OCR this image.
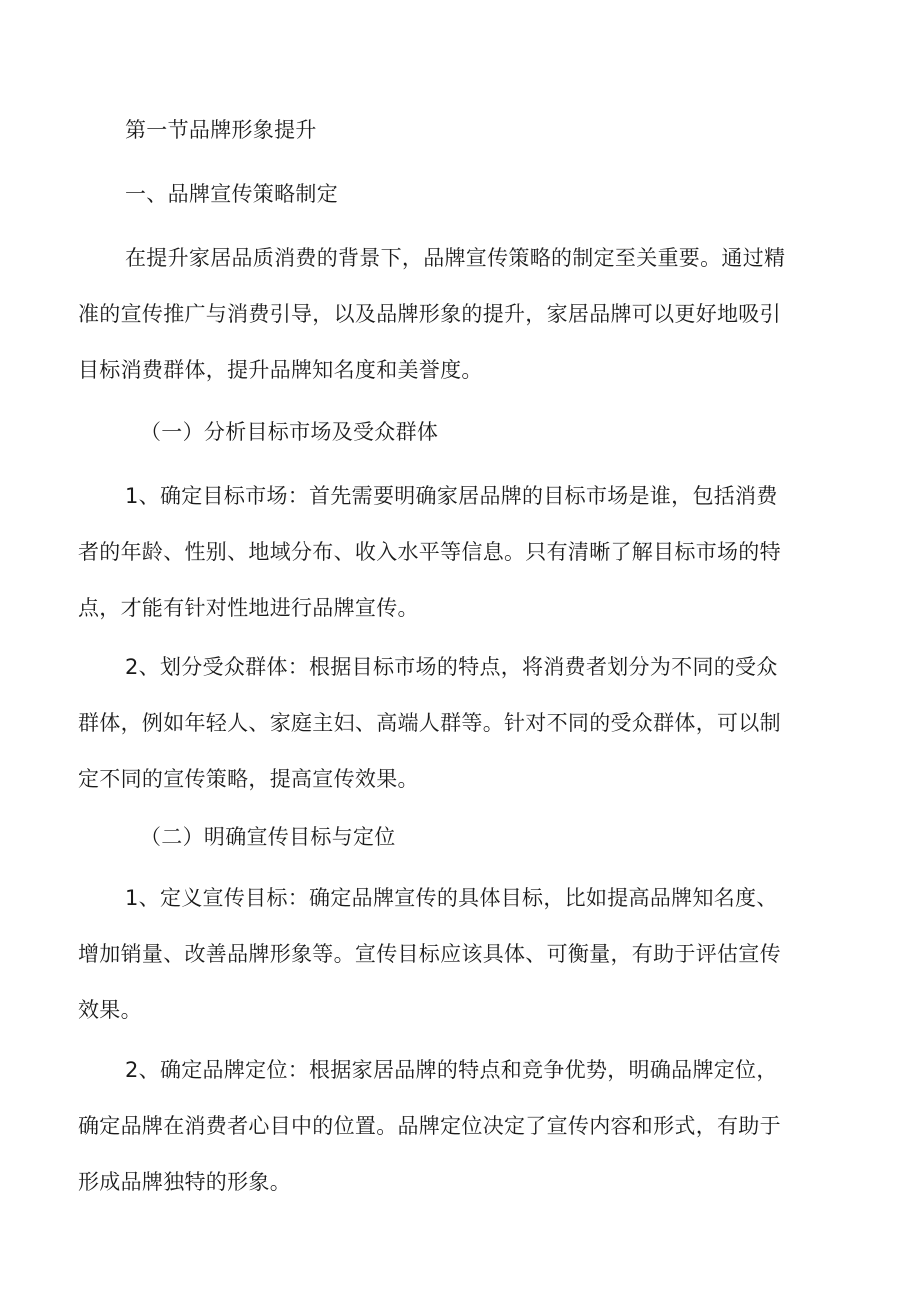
第一节品牌形象提升

一、品牌宣传策略制定

在提升家居品质消费的背景下，品牌宣传策略的制定至关重要。通过精

准的宣传推广与消费引导，以及品牌形象的提升，家居品牌可以更好地吸引

目标消费群体，提升品牌知名度和美誉度。

（一）分析目标市场及受众群体

1、确定目标市场：首先需要明确家居品牌的目标市场是谁，包括消费

者的年龄、性别、地域分布、收入水平等信息。只有清晰了解目标市场的特

点，才能有针对性地进行品牌宣传。

2、划分受众群体：根据目标市场的特点，将消费者划分为不同的受众

群体，例如年轻人、家庭主妇、高端人群等。针对不同的受众群体，可以制

定不同的宣传策略，提高宣传效果。

（二）明确宣传目标与定位

1、定义宣传目标：确定品牌宣传的具体目标，比如提高品牌知名度、

增加销量、改善品牌形象等。宣传目标应该具体、可衡量，有助于评估宣传

效果。

2、确定品牌定位：根据家居品牌的特点和竞争优势，明确品牌定位，

确定品牌在消费者心目中的位置。品牌定位决定了宣传内容和形式，有助于

形成品牌独特的形象。
